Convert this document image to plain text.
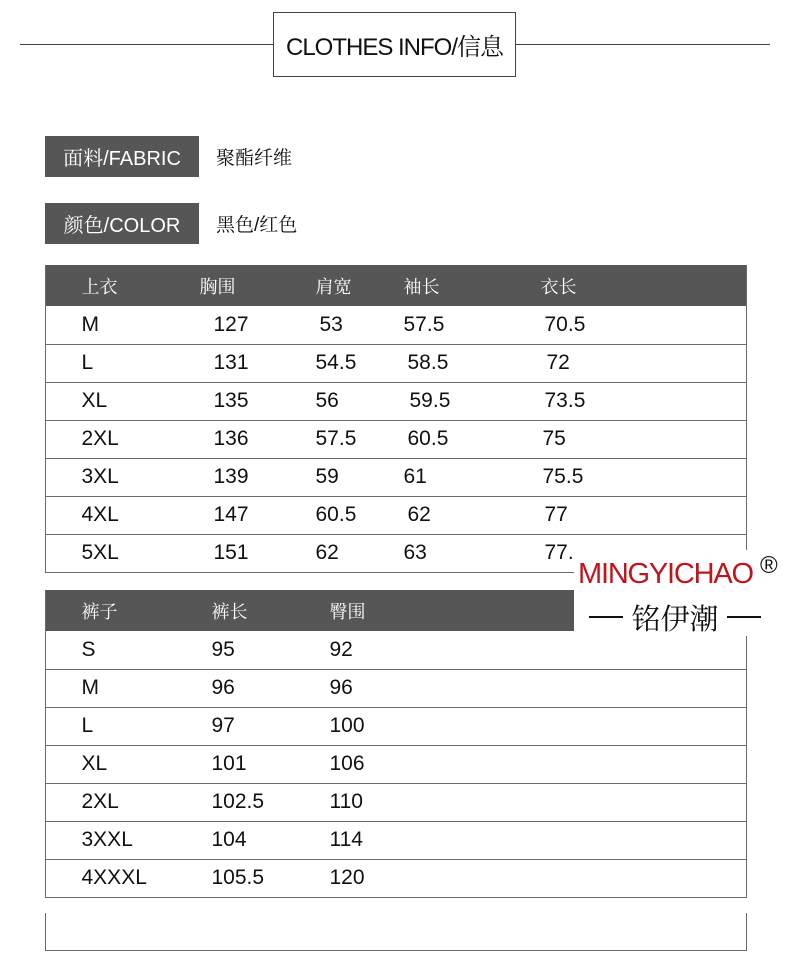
CLOTHES INFO/信息
面料/FABRIC	聚酯纤维
颜色/COLOR	黑色/红色
	上衣	胸围	肩宽	袖长	衣长
	M	127	53	57.5	70.5
	L	131	54.5	58.5	72
	XL	135	56	59.5	73.5
	2XL	136	57.5	60.5	75
	3XL	139	59	61	75.5
	4XL	147	60.5	62	77
	5XL	151	62	63	77.
	裤子	裤长	臀围
	S	95	92
	M	96	96
	L	97	100
	XL	101	106
	2XL	102.5	110
	3XXL	104	114
	4XXXL	105.5	120
MINGYICHAO ®
铭伊潮
